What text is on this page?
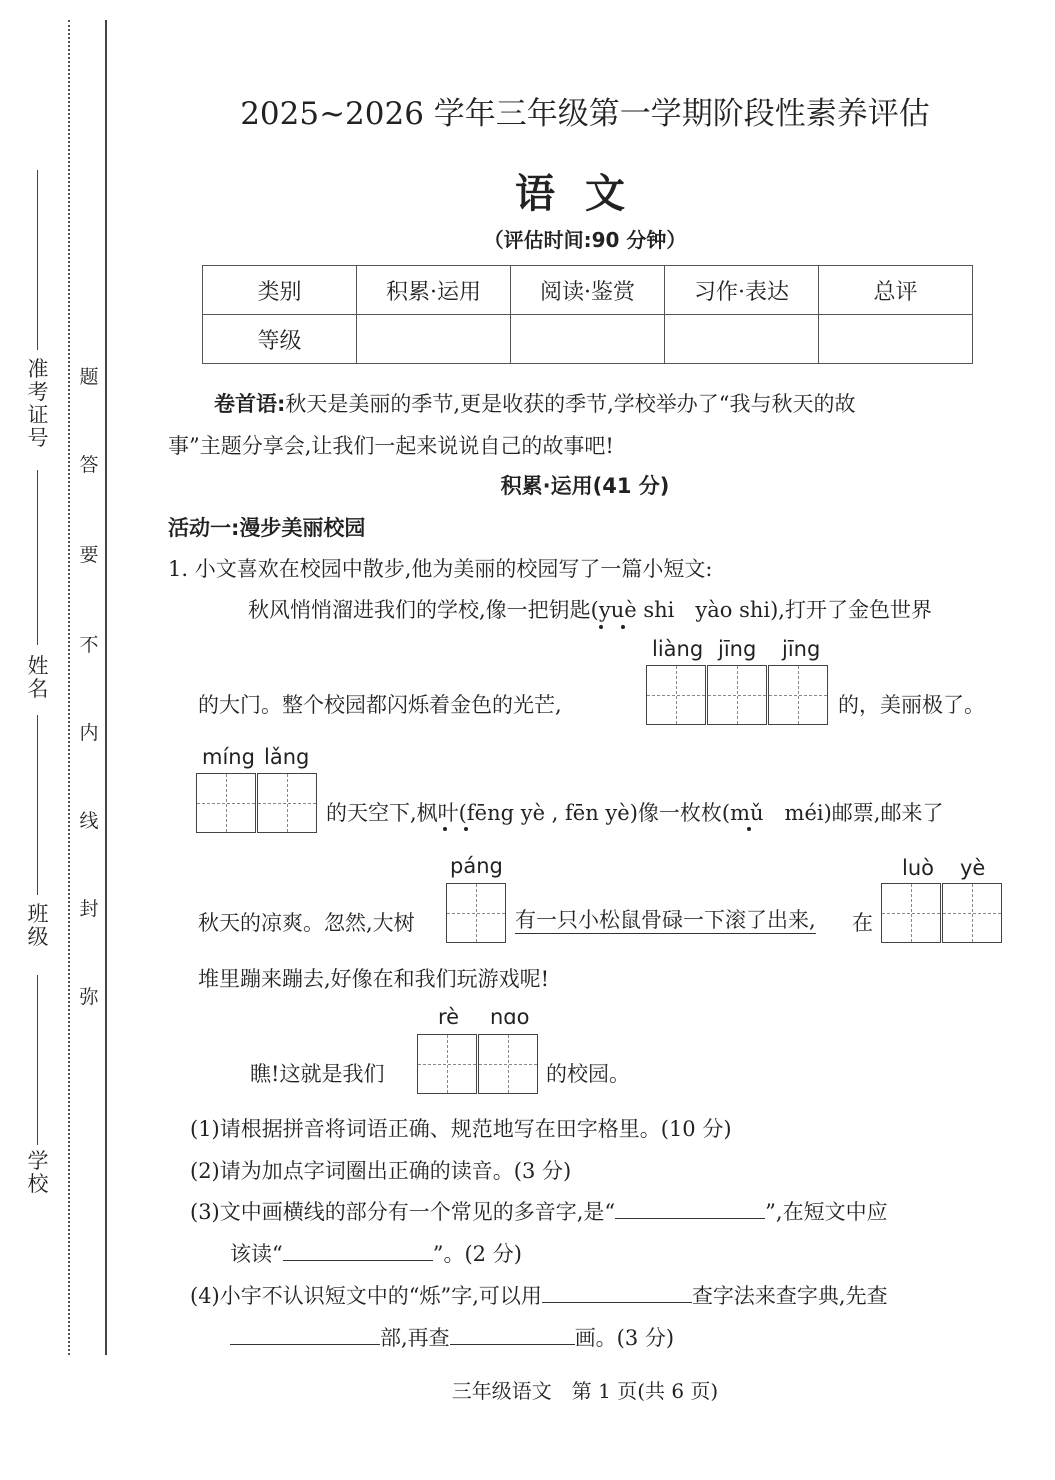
准考证号
姓名
班级
学校
题
答
要
不
内
线
封
弥
2025~2026 学年三年级第一学期阶段性素养评估
语文
（评估时间:90 分钟）
类别	积累·运用	阅读·鉴赏	习作·表达	总评
等级				
卷首语:秋天是美丽的季节,更是收获的季节,学校举办了“我与秋天的故
事”主题分享会,让我们一起来说说自己的故事吧!
积累·运用(41 分)
活动一:漫步美丽校园
1. 小文喜欢在校园中散步,他为美丽的校园写了一篇小短文:
秋风悄悄溜进我们的学校,像一把钥匙(yuè shi　yào shi),打开了金色世界
liàng jīng jīng
的大门。整个校园都闪烁着金色的光芒,	的，美丽极了。
míng lǎng
的天空下,枫叶(fēng yè , fēn yè)像一枚枚(mǔ　méi)邮票,邮来了
páng	luò yè
秋天的凉爽。忽然,大树	有一只小松鼠骨碌一下滚了出来, 在
堆里蹦来蹦去,好像在和我们玩游戏呢!
rè nɑo
瞧!这就是我们	的校园。
(1)请根据拼音将词语正确、规范地写在田字格里。(10 分)
(2)请为加点字词圈出正确的读音。(3 分)
(3)文中画横线的部分有一个常见的多音字,是“	”,在短文中应
该读“	”。(2 分)
(4)小宇不认识短文中的“烁”字,可以用	查字法来查字典,先查
部,再查	画。(3 分)
三年级语文　第 1 页(共 6 页)
